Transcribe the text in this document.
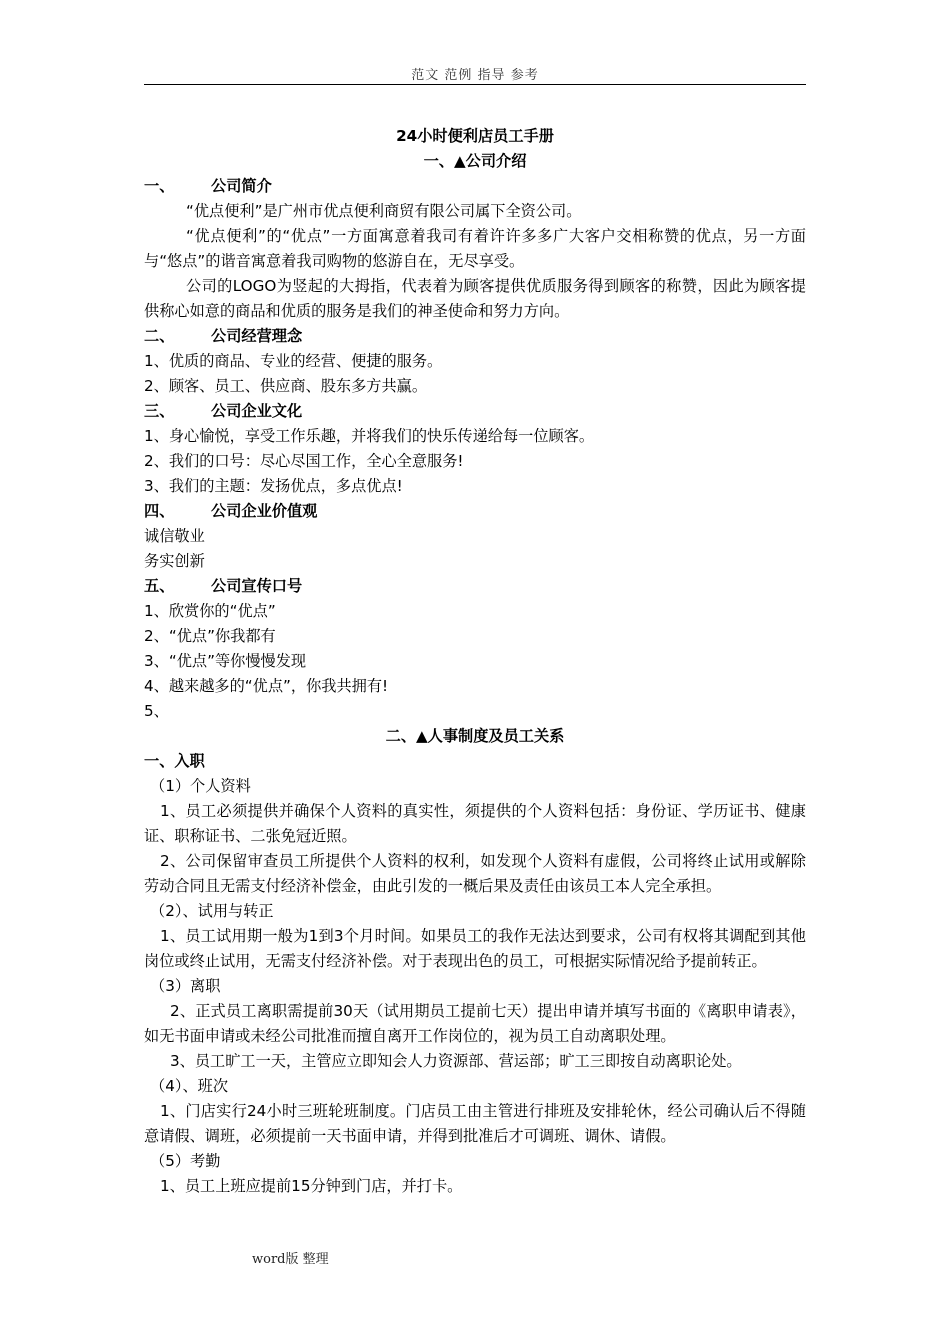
范文 范例 指导 参考

24小时便利店员工手册

一、▲公司介绍

一、	公司简介

“优点便利”是广州市优点便利商贸有限公司属下全资公司。

“优点便利”的“优点”一方面寓意着我司有着许许多多广大客户交相称赞的优点，另一方面与“悠点”的谐音寓意着我司购物的悠游自在，无尽享受。

公司的LOGO为竖起的大拇指，代表着为顾客提供优质服务得到顾客的称赞，因此为顾客提供称心如意的商品和优质的服务是我们的神圣使命和努力方向。

二、	公司经营理念

1、优质的商品、专业的经营、便捷的服务。

2、顾客、员工、供应商、股东多方共赢。

三、	公司企业文化

1、身心愉悦，享受工作乐趣，并将我们的快乐传递给每一位顾客。

2、我们的口号：尽心尽国工作，全心全意服务!

3、我们的主题：发扬优点，多点优点!

四、	公司企业价值观

诚信敬业

务实创新

五、	公司宣传口号

1、欣赏你的“优点”

2、“优点”你我都有

3、“优点”等你慢慢发现

4、越来越多的“优点”，你我共拥有!

5、

二、▲人事制度及员工关系

一、入职

（1）个人资料

1、员工必须提供并确保个人资料的真实性，须提供的个人资料包括：身份证、学历证书、健康证、职称证书、二张免冠近照。

2、公司保留审查员工所提供个人资料的权利，如发现个人资料有虚假，公司将终止试用或解除劳动合同且无需支付经济补偿金，由此引发的一概后果及责任由该员工本人完全承担。

（2）、试用与转正

1、员工试用期一般为1到3个月时间。如果员工的我作无法达到要求，公司有权将其调配到其他岗位或终止试用，无需支付经济补偿。对于表现出色的员工，可根据实际情况给予提前转正。

（3）离职

2、正式员工离职需提前30天（试用期员工提前七天）提出申请并填写书面的《离职申请表》，如无书面申请或未经公司批准而擅自离开工作岗位的，视为员工自动离职处理。

3、员工旷工一天，主管应立即知会人力资源部、营运部；旷工三即按自动离职论处。

（4）、班次

1、门店实行24小时三班轮班制度。门店员工由主管进行排班及安排轮休，经公司确认后不得随意请假、调班，必须提前一天书面申请，并得到批准后才可调班、调休、请假。

（5）考勤

1、员工上班应提前15分钟到门店，并打卡。

word版 整理
